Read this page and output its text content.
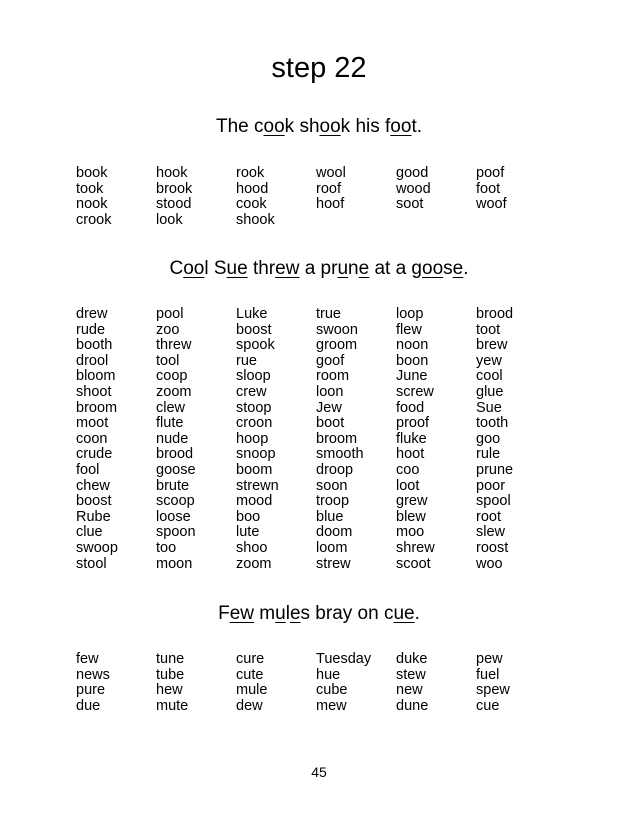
step 22
The cook shook his foot.
book	hook	rook	wool	good	poof
took	brook	hood	roof	wood	foot
nook	stood	cook	hoof	soot	woof
crook	look	shook
Cool Sue threw a prune at a goose.
drew	pool	Luke	true	loop	brood
rude	zoo	boost	swoon	flew	toot
booth	threw	spook	groom	noon	brew
drool	tool	rue	goof	boon	yew
bloom	coop	sloop	room	June	cool
shoot	zoom	crew	loon	screw	glue
broom	clew	stoop	Jew	food	Sue
moot	flute	croon	boot	proof	tooth
coon	nude	hoop	broom	fluke	goo
crude	brood	snoop	smooth	hoot	rule
fool	goose	boom	droop	coo	prune
chew	brute	strewn	soon	loot	poor
boost	scoop	mood	troop	grew	spool
Rube	loose	boo	blue	blew	root
clue	spoon	lute	doom	moo	slew
swoop	too	shoo	loom	shrew	roost
stool	moon	zoom	strew	scoot	woo
Few mules bray on cue.
few	tune	cure	Tuesday	duke	pew
news	tube	cute	hue	stew	fuel
pure	hew	mule	cube	new	spew
due	mute	dew	mew	dune	cue
45
